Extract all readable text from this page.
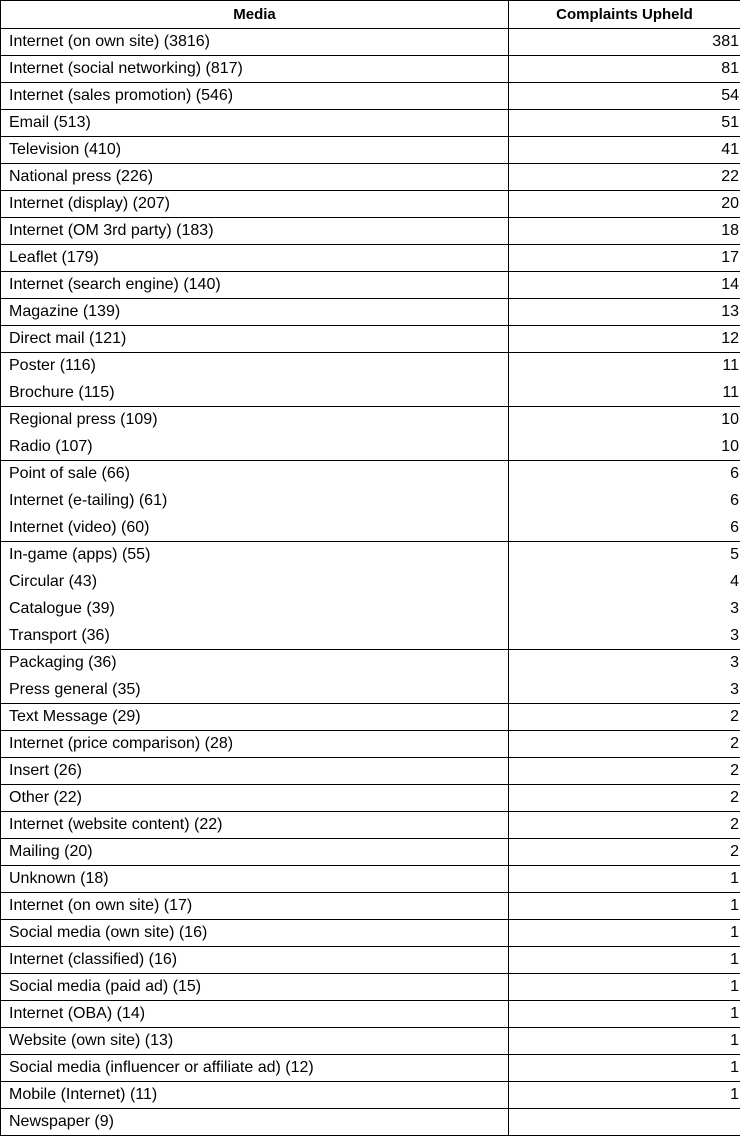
Media	Complaints Upheld
Internet (on own site) (3816)	381
Internet (social networking) (817)	81
Internet (sales promotion) (546)	54
Email (513)	51
Television (410)	41
National press (226)	22
Internet (display) (207)	20
Internet (OM 3rd party) (183)	18
Leaflet (179)	17
Internet (search engine) (140)	14
Magazine (139)	13
Direct mail (121)	12
Poster (116)	11
Brochure (115)	11
Regional press (109)	10
Radio (107)	10
Point of sale (66)	6
Internet (e-tailing) (61)	6
Internet (video) (60)	6
In-game (apps) (55)	5
Circular (43)	4
Catalogue (39)	3
Transport (36)	3
Packaging (36)	3
Press general (35)	3
Text Message (29)	2
Internet (price comparison) (28)	2
Insert (26)	2
Other (22)	2
Internet (website content) (22)	2
Mailing (20)	2
Unknown (18)	1
Internet (on own site) (17)	1
Social media (own site) (16)	1
Internet (classified) (16)	1
Social media (paid ad) (15)	1
Internet (OBA) (14)	1
Website (own site) (13)	1
Social media (influencer or affiliate ad) (12)	1
Mobile (Internet) (11)	1
Newspaper (9)	
